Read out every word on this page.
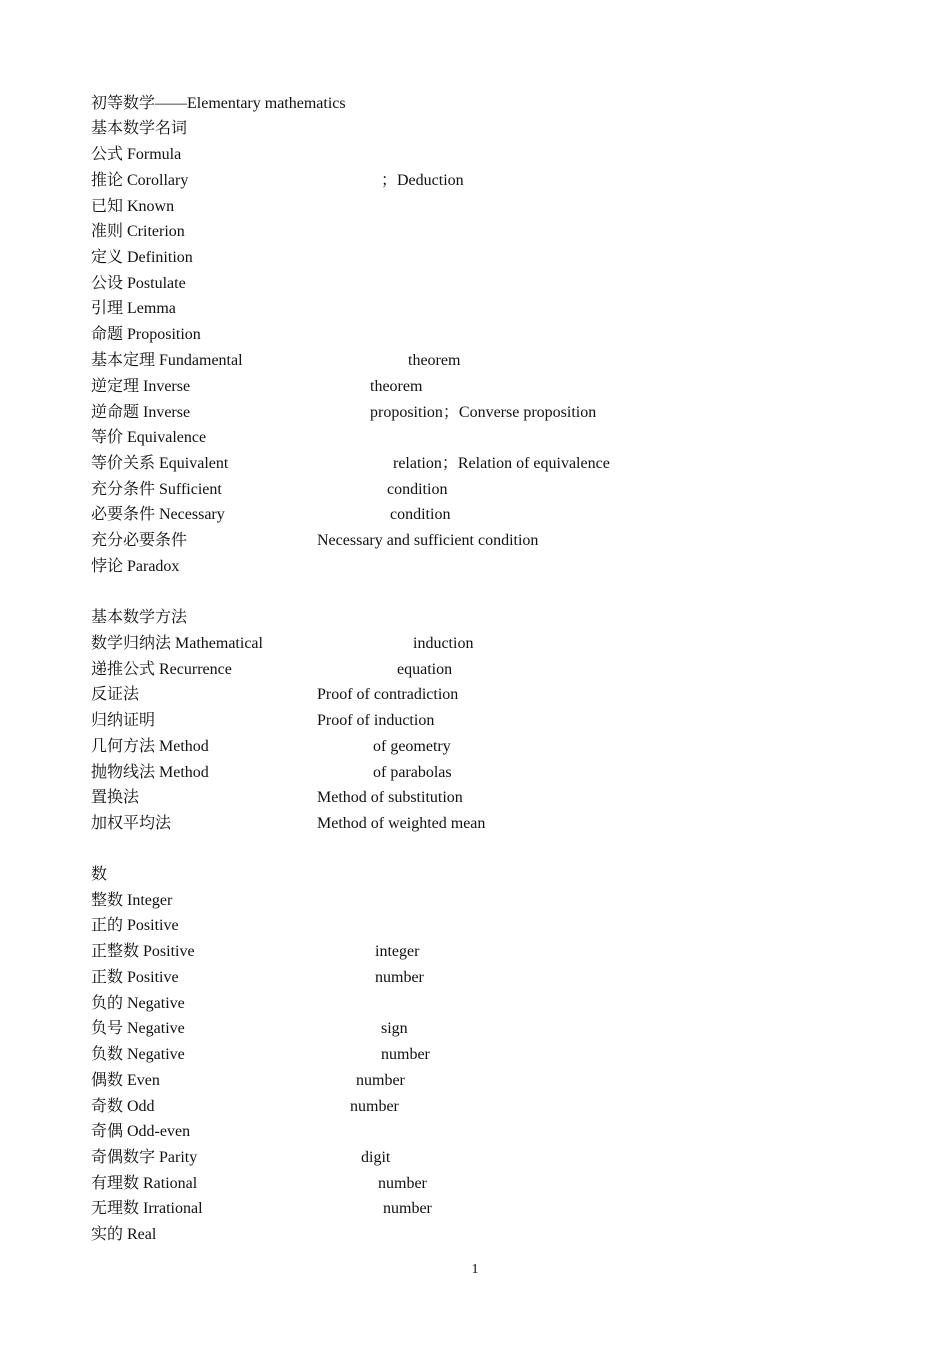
初等数学——Elementary mathematics
基本数学名词
公式 Formula
推论 Corollary	；Deduction
已知 Known
准则 Criterion
定义 Definition
公设 Postulate
引理 Lemma
命题 Proposition
基本定理 Fundamental	theorem
逆定理 Inverse	theorem
逆命题 Inverse	proposition；Converse proposition
等价 Equivalence
等价关系 Equivalent	relation；Relation of equivalence
充分条件 Sufficient	condition
必要条件 Necessary	condition
充分必要条件	Necessary and sufficient condition
悖论 Paradox
基本数学方法
数学归纳法 Mathematical	induction
递推公式 Recurrence	equation
反证法	Proof of contradiction
归纳证明	Proof of induction
几何方法 Method	of geometry
抛物线法 Method	of parabolas
置换法	Method of substitution
加权平均法	Method of weighted mean
数
整数 Integer
正的 Positive
正整数 Positive	integer
正数 Positive	number
负的 Negative
负号 Negative	sign
负数 Negative	number
偶数 Even	number
奇数 Odd	number
奇偶 Odd-even
奇偶数字 Parity	digit
有理数 Rational	number
无理数 Irrational	number
实的 Real
1
